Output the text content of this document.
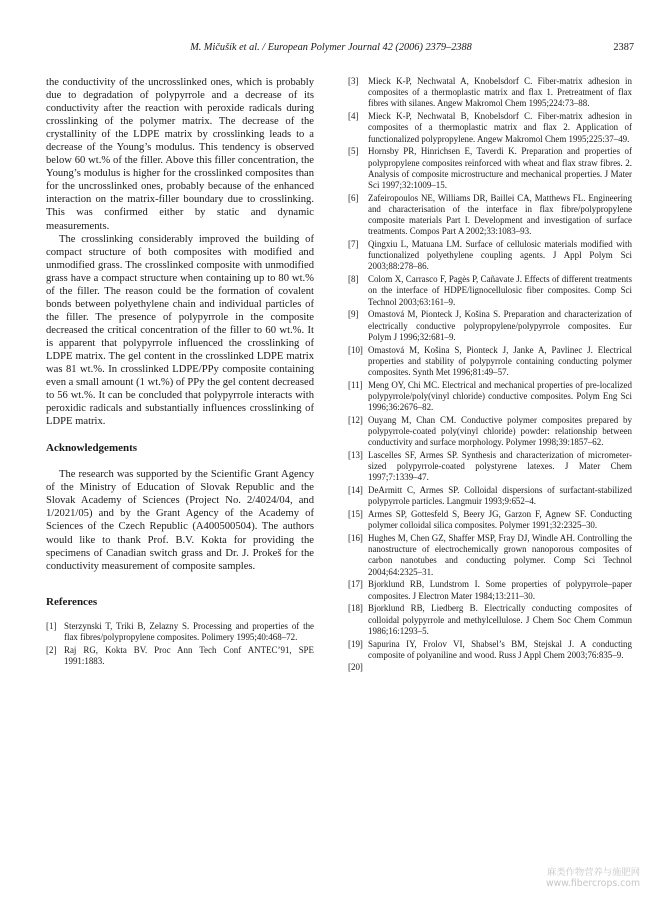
M. Mičušík et al. / European Polymer Journal 42 (2006) 2379–2388	2387

the conductivity of the uncrosslinked ones, which is probably due to degradation of polypyrrole and a decrease of its conductivity after the reaction with peroxide radicals during crosslinking of the polymer matrix. The decrease of the crystallinity of the LDPE matrix by crosslinking leads to a decrease of the Young’s modulus. This tendency is observed below 60 wt.% of the filler. Above this filler concentration, the Young’s modulus is higher for the crosslinked composites than for the uncrosslinked ones, probably because of the enhanced interaction on the matrix-filler boundary due to crosslinking. This was confirmed either by static and dynamic measurements.

The crosslinking considerably improved the building of compact structure of both composites with modified and unmodified grass. The crosslinked composite with unmodified grass have a compact structure when containing up to 80 wt.% of the filler. The reason could be the formation of covalent bonds between polyethylene chain and individual particles of the filler. The presence of polypyrrole in the composite decreased the critical concentration of the filler to 60 wt.%. It is apparent that polypyrrole influenced the crosslinking of LDPE matrix. The gel content in the crosslinked LDPE matrix was 81 wt.%. In crosslinked LDPE/PPy composite containing even a small amount (1 wt.%) of PPy the gel content decreased to 56 wt.%. It can be concluded that polypyrrole interacts with peroxidic radicals and substantially influences crosslinking of LDPE matrix.

Acknowledgements

The research was supported by the Scientific Grant Agency of the Ministry of Education of Slovak Republic and the Slovak Academy of Sciences (Project No. 2/4024/04, and 1/2021/05) and by the Grant Agency of the Academy of Sciences of the Czech Republic (A400500504). The authors would like to thank Prof. B.V. Kokta for providing the specimens of Canadian switch grass and Dr. J. Prokeš for the conductivity measurement of composite samples.

References
[1] Sterzynski T, Triki B, Zelazny S. Processing and properties of the flax fibres/polypropylene composites. Polimery 1995;40:468–72.
[2] Raj RG, Kokta BV. Proc Ann Tech Conf ANTEC’91, SPE 1991:1883.
[3]	Mieck K-P, Nechwatal A, Knobelsdorf C. Fiber-matrix adhesion in composites of a thermoplastic matrix and flax 1. Pretreatment of flax fibres with silanes. Angew Makromol Chem 1995;224:73–88.
[4]	Mieck K-P, Nechwatal B, Knobelsdorf C. Fiber-matrix adhesion in composites of a thermoplastic matrix and flax 2. Application of functionalized polypropylene. Angew Makromol Chem 1995;225:37–49.
[5]	Hornsby PR, Hinrichsen E, Taverdi K. Preparation and properties of polypropylene composites reinforced with wheat and flax straw fibres. 2. Analysis of composite microstructure and mechanical properties. J Mater Sci 1997;32:1009–15.
[6]	Zafeiropoulos NE, Williams DR, Baillei CA, Matthews FL. Engineering and characterisation of the interface in flax fibre/polypropylene composite materials Part I. Development and investigation of surface treatments. Compos Part A 2002;33:1083–93.
[7]	Qingxiu L, Matuana LM. Surface of cellulosic materials modified with functionalized polyethylene coupling agents. J Appl Polym Sci 2003;88:278–86.
[8]	Colom X, Carrasco F, Pagès P, Cañavate J. Effects of different treatments on the interface of HDPE/lignocellulosic fiber composites. Comp Sci Technol 2003;63:161–9.
[9]	Omastová M, Pionteck J, Košina S. Preparation and characterization of electrically conductive polypropylene/polypyrrole composites. Eur Polym J 1996;32:681–9.
[10] Omastová M, Košina S, Pionteck J, Janke A, Pavlinec J. Electrical properties and stability of polypyrrole containing conducting polymer composites. Synth Met 1996;81:49–57.
[11] Meng OY, Chi MC. Electrical and mechanical properties of pre-localized polypyrrole/poly(vinyl chloride) conductive composites. Polym Eng Sci 1996;36:2676–82.
[12] Ouyang M, Chan CM. Conductive polymer composites prepared by polypyrrole-coated poly(vinyl chloride) powder: relationship between conductivity and surface morphology. Polymer 1998;39:1857–62.
[13] Lascelles SF, Armes SP. Synthesis and characterization of micrometer-sized polypyrrole-coated polystyrene latexes. J Mater Chem 1997;7:1339–47.
[14] DeArmitt C, Armes SP. Colloidal dispersions of surfactant-stabilized polypyrrole particles. Langmuir 1993;9:652–4.
[15] Armes SP, Gottesfeld S, Beery JG, Garzon F, Agnew SF. Conducting polymer colloidal silica composites. Polymer 1991;32:2325–30.
[16] Hughes M, Chen GZ, Shaffer MSP, Fray DJ, Windle AH. Controlling the nanostructure of electrochemically grown nanoporous composites of carbon nanotubes and conducting polymer. Comp Sci Technol 2004;64:2325–31.
[17] Bjorklund RB, Lundstrom I. Some properties of polypyrrole–paper composites. J Electron Mater 1984;13:211–30.
[18] Bjorklund RB, Liedberg B. Electrically conducting composites of colloidal polypyrrole and methylcellulose. J Chem Soc Chem Commun 1986;16:1293–5.
[19] Sapurina IY, Frolov VI, Shabsel’s BM, Stejskal J. A conducting composite of polyaniline and wood. Russ J Appl Chem 2003;76:835–9.
[20]
麻类作物营养与施肥网
www.fibercrops.com
